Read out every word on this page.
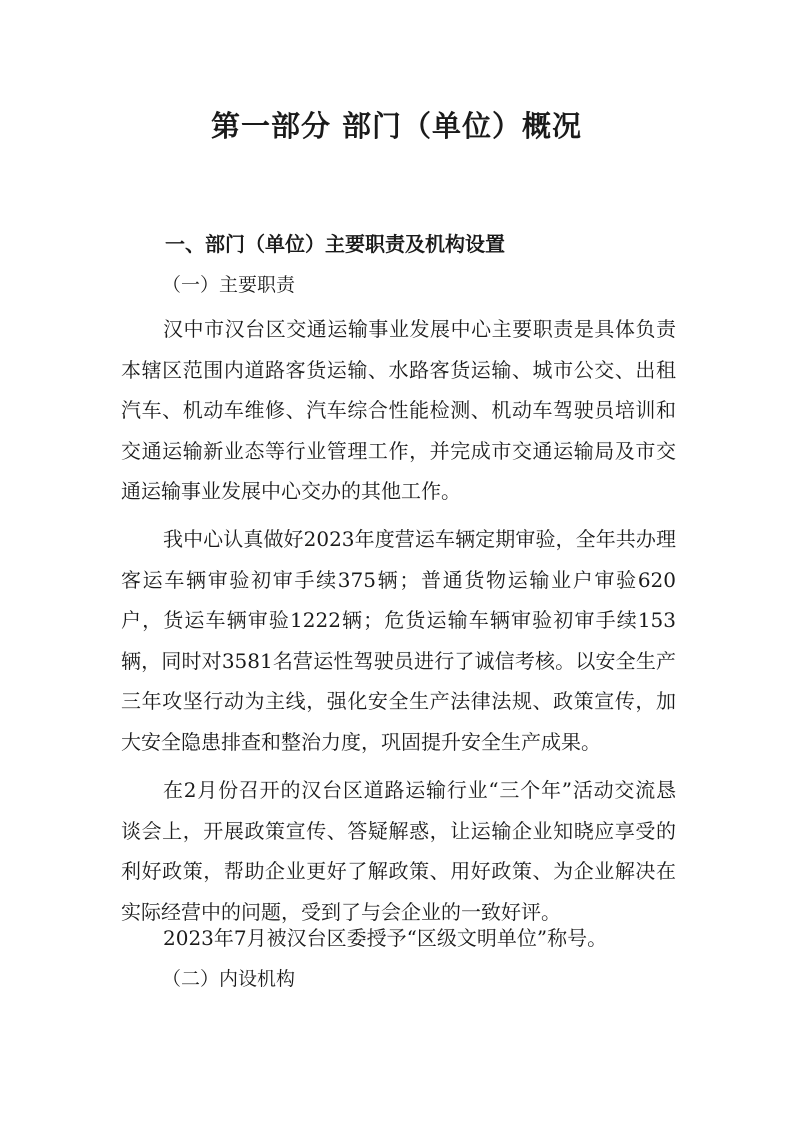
第一部分 部门（单位）概况
一、部门（单位）主要职责及机构设置
（一）主要职责

汉中市汉台区交通运输事业发展中心主要职责是具体负责本辖区范围内道路客货运输、水路客货运输、城市公交、出租汽车、机动车维修、汽车综合性能检测、机动车驾驶员培训和交通运输新业态等行业管理工作，并完成市交通运输局及市交通运输事业发展中心交办的其他工作。

我中心认真做好2023年度营运车辆定期审验，全年共办理客运车辆审验初审手续375辆；普通货物运输业户审验620户，货运车辆审验1222辆；危货运输车辆审验初审手续153辆，同时对3581名营运性驾驶员进行了诚信考核。以安全生产三年攻坚行动为主线，强化安全生产法律法规、政策宣传，加大安全隐患排查和整治力度，巩固提升安全生产成果。

在2月份召开的汉台区道路运输行业“三个年”活动交流恳谈会上，开展政策宣传、答疑解惑，让运输企业知晓应享受的利好政策，帮助企业更好了解政策、用好政策、为企业解决在实际经营中的问题，受到了与会企业的一致好评。

2023年7月被汉台区委授予“区级文明单位”称号。

（二）内设机构
